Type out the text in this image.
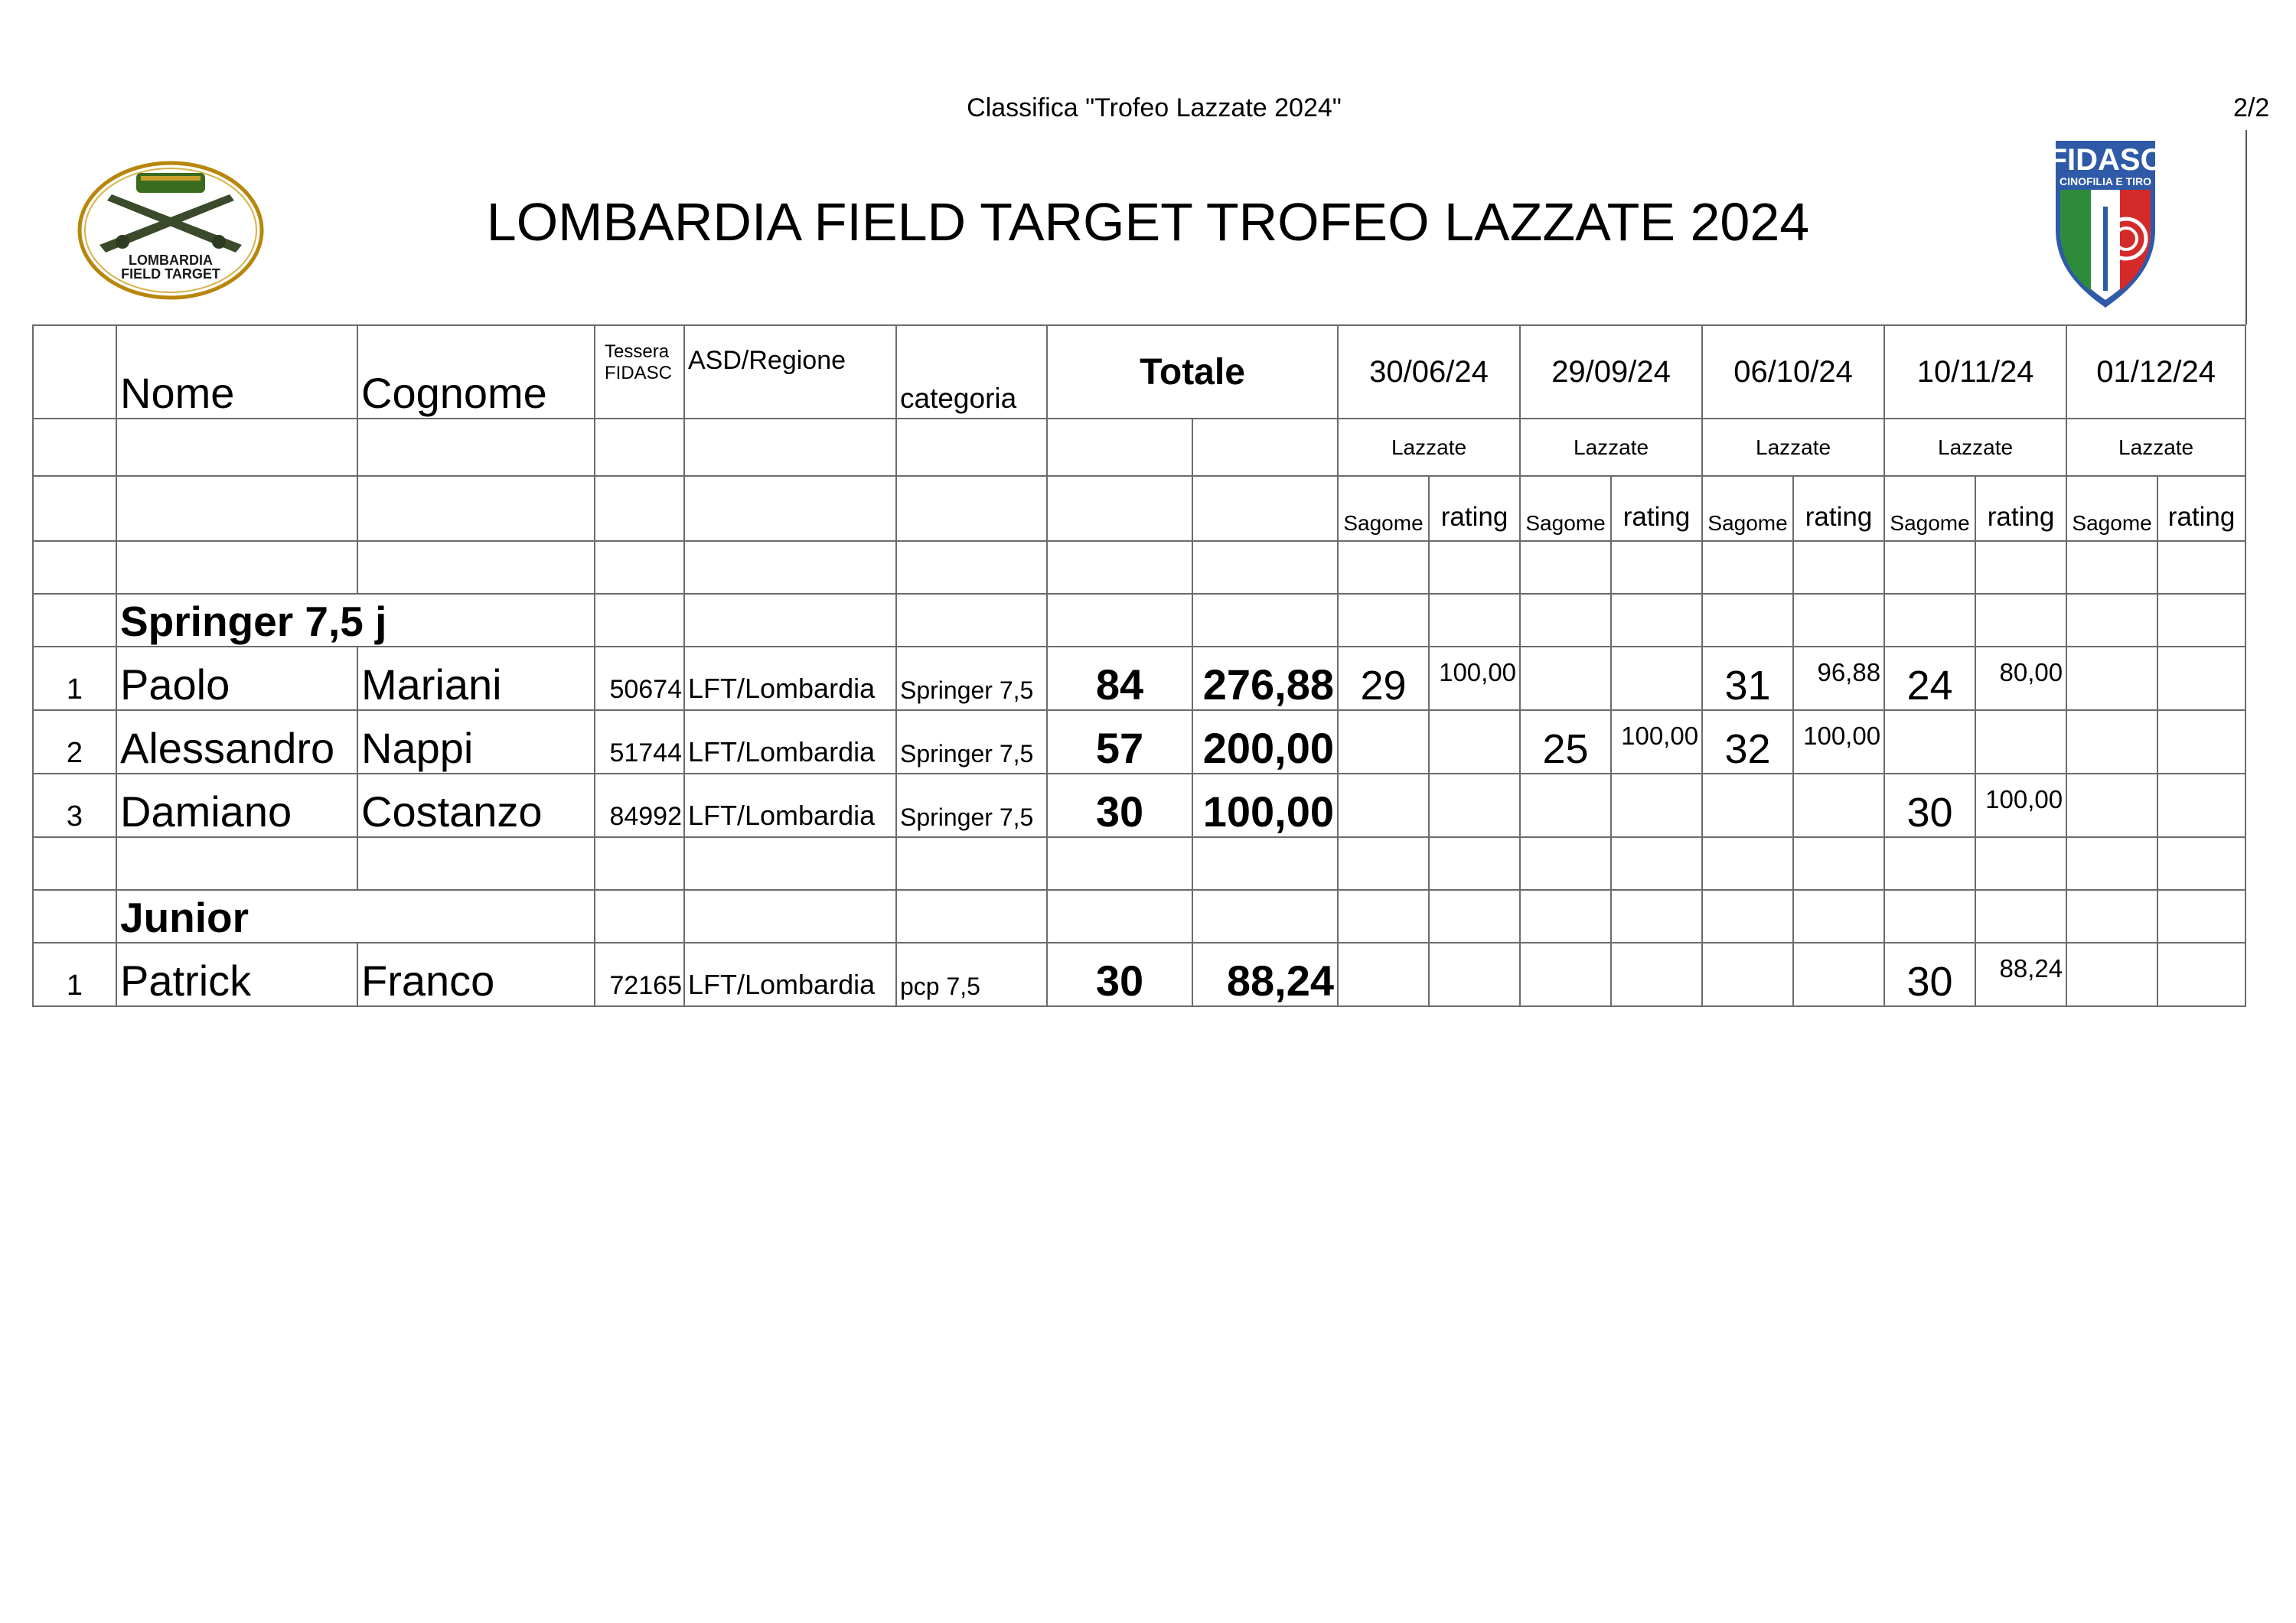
Classifica "Trofeo Lazzate 2024"	2/2
LOMBARDIA
FIELD TARGET
LOMBARDIA FIELD TARGET TROFEO LAZZATE 2024
FIDASC
CINOFILIA E TIRO
	Nome	Cognome	Tessera
FIDASC	ASD/Regione	categoria	Totale		30/06/24		29/09/24		06/10/24		10/11/24		01/12/24	
								Lazzate		Lazzate		Lazzate		Lazzate		Lazzate	
								Sagome	rating	Sagome	rating	Sagome	rating	Sagome	rating	Sagome	rating

	Springer 7,5 j																
1	Paolo	Mariani	50674	LFT/Lombardia	Springer 7,5	84	276,88	29	100,00			31	96,88	24	80,00		
2	Alessandro	Nappi	51744	LFT/Lombardia	Springer 7,5	57	200,00			25	100,00	32	100,00				
3	Damiano	Costanzo	84992	LFT/Lombardia	Springer 7,5	30	100,00							30	100,00		

	Junior																
1	Patrick	Franco	72165	LFT/Lombardia	pcp 7,5	30	88,24							30	88,24		
